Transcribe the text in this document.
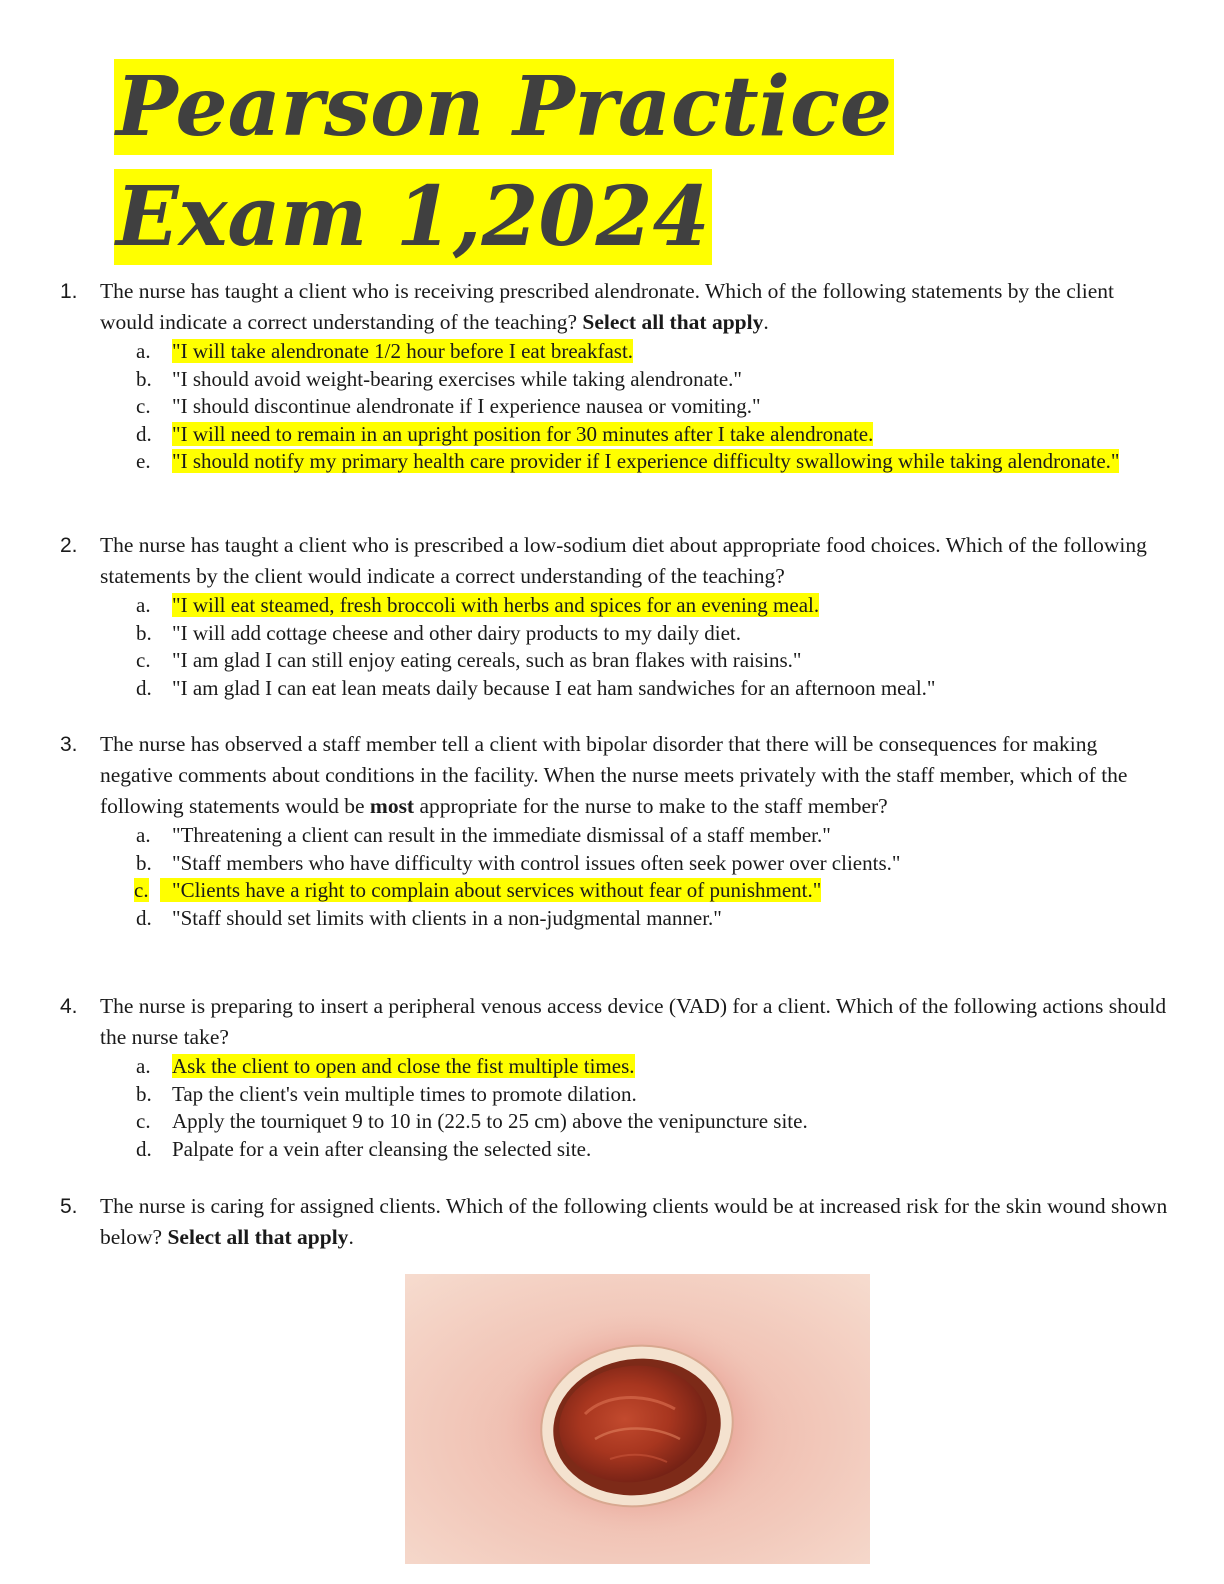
Pearson Practice Exam 1,2024
1.	The nurse has taught a client who is receiving prescribed alendronate. Which of the following statements by the client would indicate a correct understanding of the teaching? Select all that apply.
a. "I will take alendronate 1/2 hour before I eat breakfast.
b. "I should avoid weight-bearing exercises while taking alendronate."
c. "I should discontinue alendronate if I experience nausea or vomiting."
d. "I will need to remain in an upright position for 30 minutes after I take alendronate.
e. "I should notify my primary health care provider if I experience difficulty swallowing while taking alendronate."
2.	The nurse has taught a client who is prescribed a low-sodium diet about appropriate food choices. Which of the following statements by the client would indicate a correct understanding of the teaching?
a. "I will eat steamed, fresh broccoli with herbs and spices for an evening meal.
b. "I will add cottage cheese and other dairy products to my daily diet.
c. "I am glad I can still enjoy eating cereals, such as bran flakes with raisins."
d. "I am glad I can eat lean meats daily because I eat ham sandwiches for an afternoon meal."
3.	The nurse has observed a staff member tell a client with bipolar disorder that there will be consequences for making negative comments about conditions in the facility. When the nurse meets privately with the staff member, which of the following statements would be most appropriate for the nurse to make to the staff member?
a. "Threatening a client can result in the immediate dismissal of a staff member."
b. "Staff members who have difficulty with control issues often seek power over clients."
c. "Clients have a right to complain about services without fear of punishment."
d. "Staff should set limits with clients in a non-judgmental manner."
4.	The nurse is preparing to insert a peripheral venous access device (VAD) for a client. Which of the following actions should the nurse take?
a. Ask the client to open and close the fist multiple times.
b. Tap the client's vein multiple times to promote dilation.
c. Apply the tourniquet 9 to 10 in (22.5 to 25 cm) above the venipuncture site.
d. Palpate for a vein after cleansing the selected site.
5.	The nurse is caring for assigned clients. Which of the following clients would be at increased risk for the skin wound shown below? Select all that apply.
